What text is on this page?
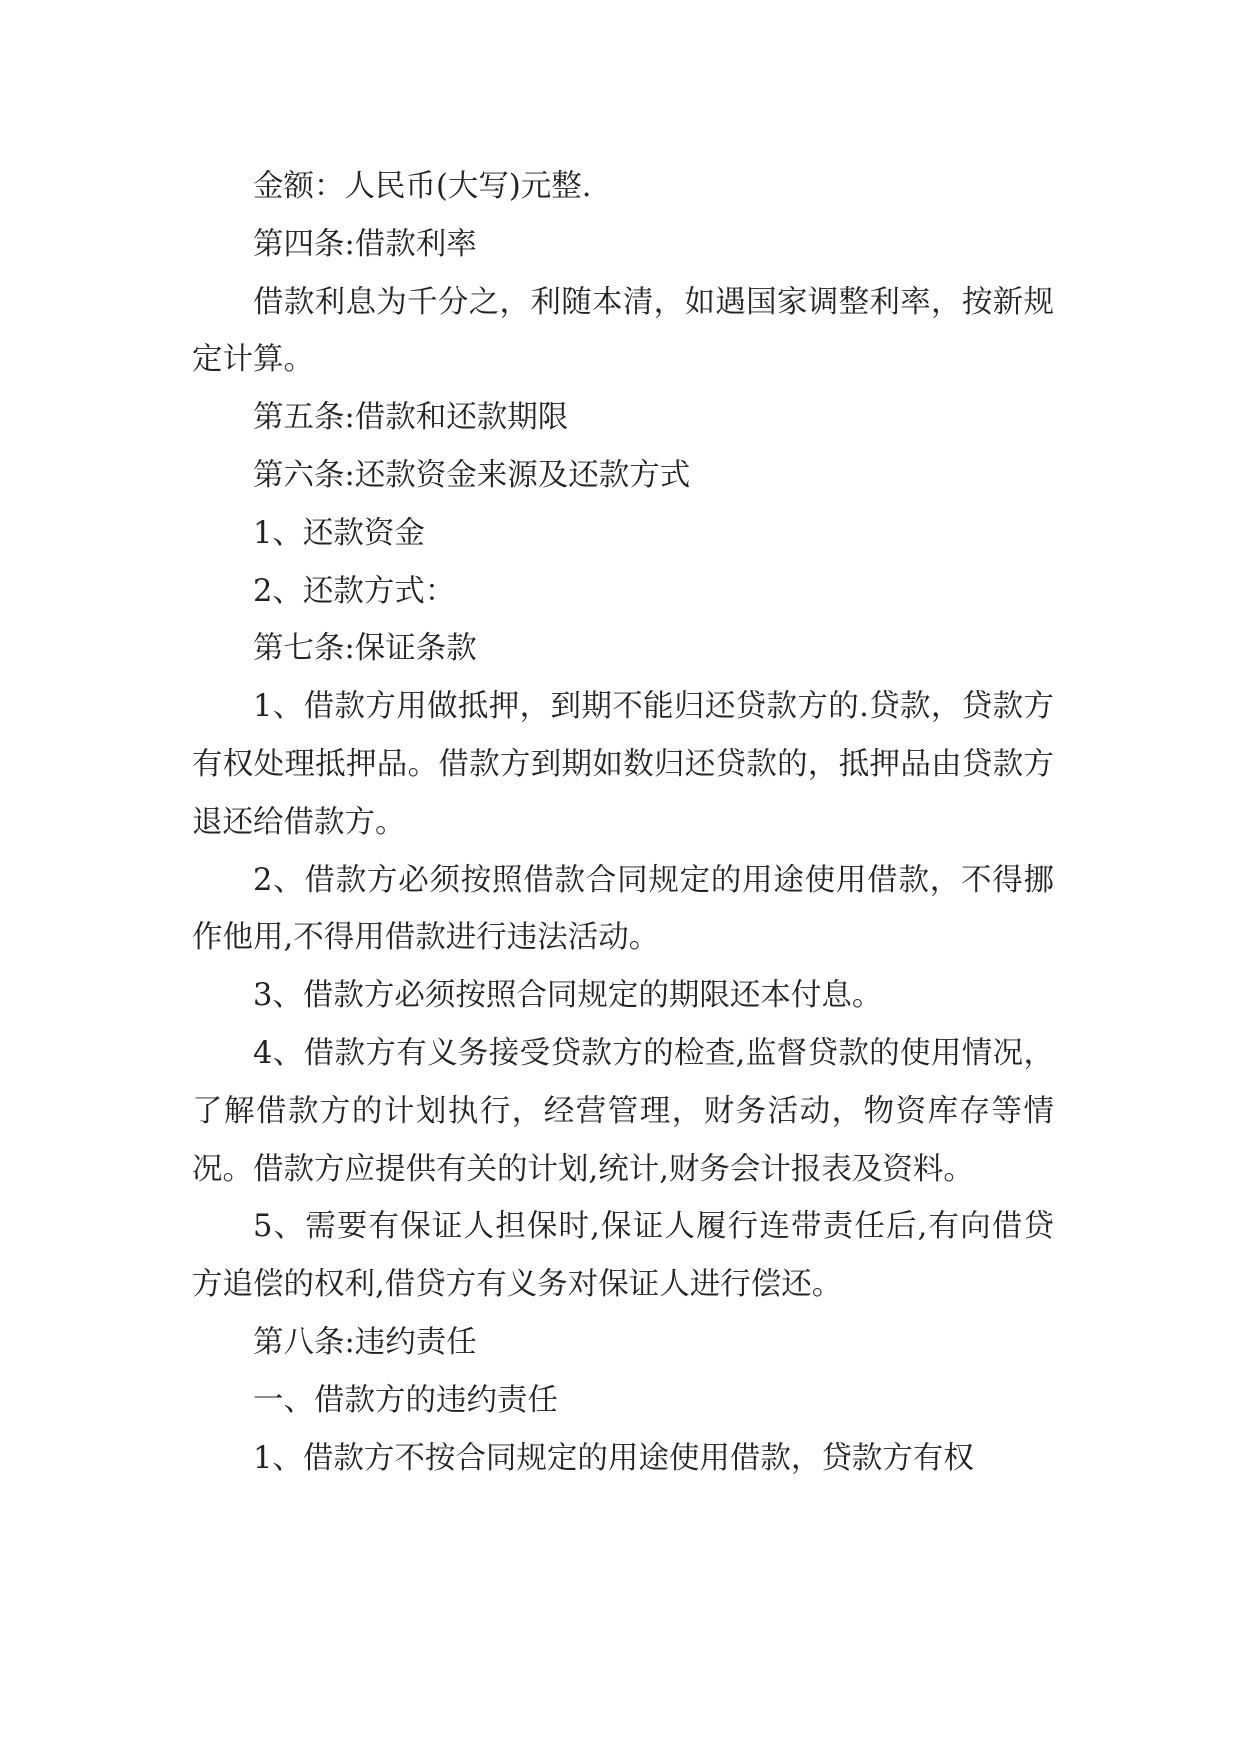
金额：人民币(大写)元整.

第四条:借款利率

借款利息为千分之，利随本清，如遇国家调整利率，按新规定计算。

第五条:借款和还款期限

第六条:还款资金来源及还款方式

1、还款资金

2、还款方式：

第七条:保证条款

1、借款方用做抵押，到期不能归还贷款方的.贷款，贷款方有权处理抵押品。借款方到期如数归还贷款的，抵押品由贷款方退还给借款方。

2、借款方必须按照借款合同规定的用途使用借款，不得挪作他用,不得用借款进行违法活动。

3、借款方必须按照合同规定的期限还本付息。

4、借款方有义务接受贷款方的检查,监督贷款的使用情况，了解借款方的计划执行，经营管理，财务活动，物资库存等情况。借款方应提供有关的计划,统计,财务会计报表及资料。

5、需要有保证人担保时,保证人履行连带责任后,有向借贷方追偿的权利,借贷方有义务对保证人进行偿还。

第八条:违约责任

一、借款方的违约责任

1、借款方不按合同规定的用途使用借款，贷款方有权
